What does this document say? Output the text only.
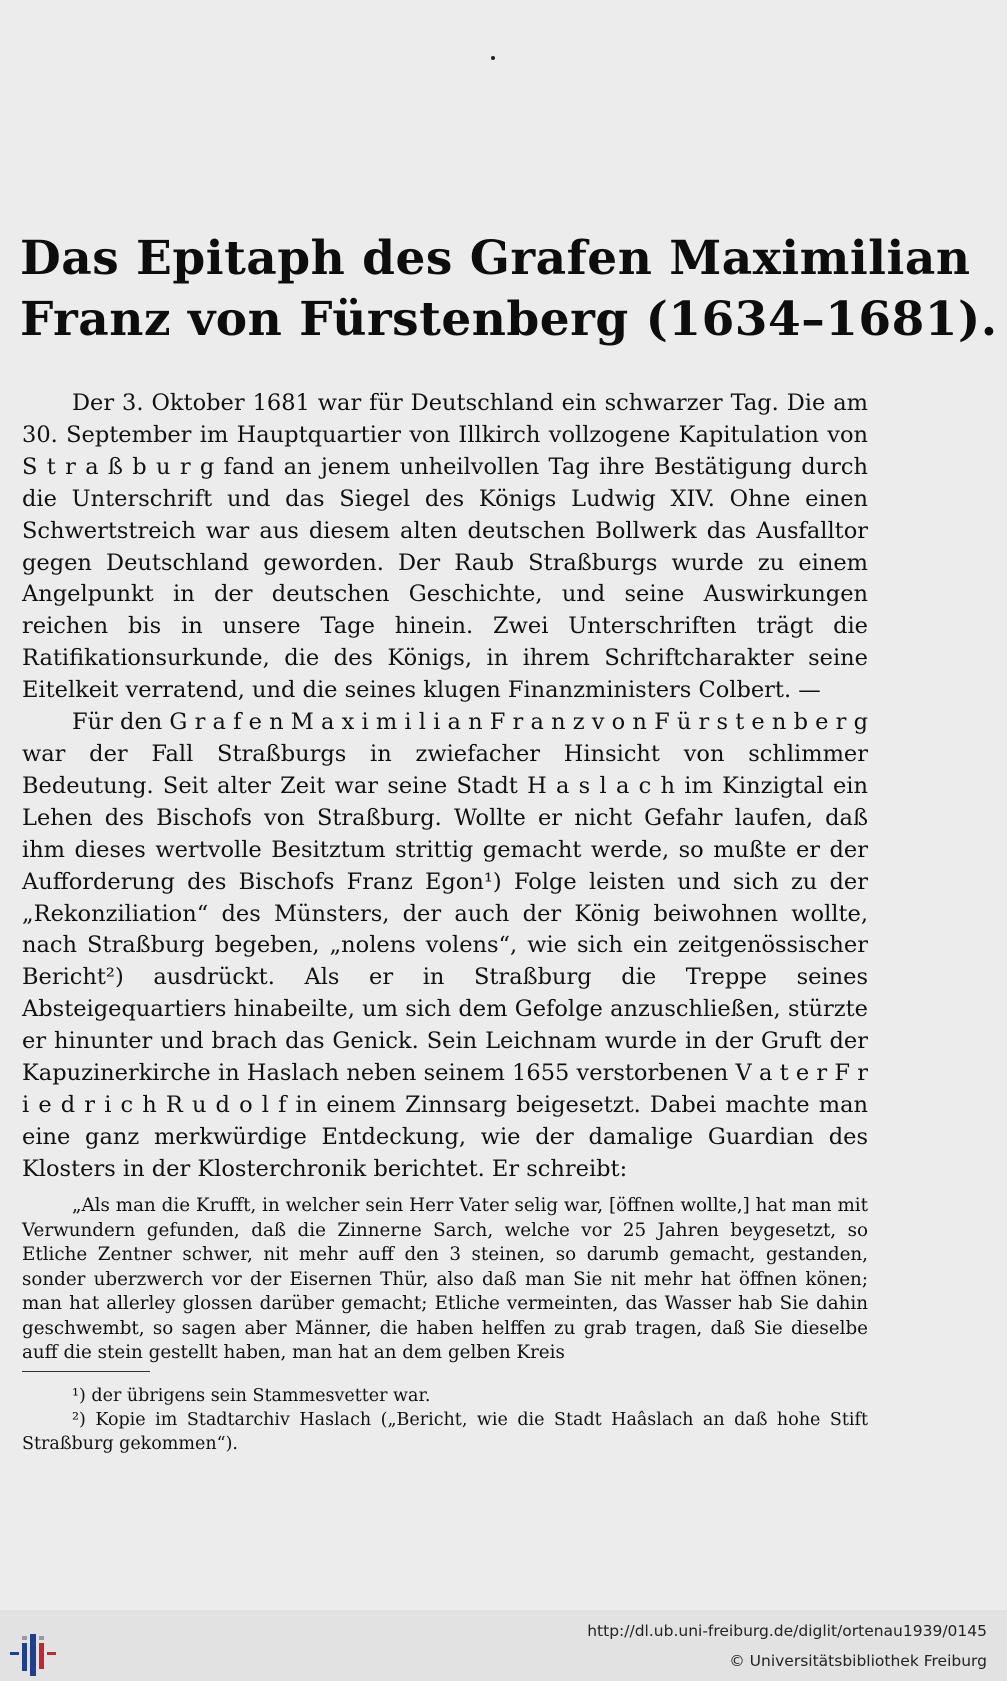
Das Epitaph des Grafen Maximilian
Franz von Fürstenberg (1634–1681).

Der 3. Oktober 1681 war für Deutschland ein schwarzer Tag. Die am 30. September im Hauptquartier von Illkirch vollzogene Kapitulation von S t r a ß b u r g fand an jenem unheilvollen Tag ihre Bestätigung durch die Unterschrift und das Siegel des Königs Ludwig XIV. Ohne einen Schwertstreich war aus diesem alten deutschen Bollwerk das Ausfalltor gegen Deutschland geworden. Der Raub Straßburgs wurde zu einem Angelpunkt in der deutschen Geschichte, und seine Auswirkungen reichen bis in unsere Tage hinein. Zwei Unterschriften trägt die Ratifikationsurkunde, die des Königs, in ihrem Schriftcharakter seine Eitelkeit verratend, und die seines klugen Finanzministers Colbert. —

Für den G r a f e n M a x i m i l i a n F r a n z v o n F ü r s t e n b e r g war der Fall Straßburgs in zwiefacher Hinsicht von schlimmer Bedeutung. Seit alter Zeit war seine Stadt H a s l a c h im Kinzigtal ein Lehen des Bischofs von Straßburg. Wollte er nicht Gefahr laufen, daß ihm dieses wertvolle Besitztum strittig gemacht werde, so mußte er der Aufforderung des Bischofs Franz Egon¹) Folge leisten und sich zu der „Rekonziliation“ des Münsters, der auch der König beiwohnen wollte, nach Straßburg begeben, „nolens volens“, wie sich ein zeitgenössischer Bericht²) ausdrückt. Als er in Straßburg die Treppe seines Absteigequartiers hinabeilte, um sich dem Gefolge anzuschließen, stürzte er hinunter und brach das Genick. Sein Leichnam wurde in der Gruft der Kapuzinerkirche in Haslach neben seinem 1655 verstorbenen V a t e r F r i e d r i c h R u d o l f in einem Zinnsarg beigesetzt. Dabei machte man eine ganz merkwürdige Entdeckung, wie der damalige Guardian des Klosters in der Klosterchronik berichtet. Er schreibt:

„Als man die Krufft, in welcher sein Herr Vater selig war, [öffnen wollte,] hat man mit Verwundern gefunden, daß die Zinnerne Sarch, welche vor 25 Jahren beygesetzt, so Etliche Zentner schwer, nit mehr auff den 3 steinen, so darumb gemacht, gestanden, sonder uberzwerch vor der Eisernen Thür, also daß man Sie nit mehr hat öffnen könen; man hat allerley glossen darüber gemacht; Etliche vermeinten, das Wasser hab Sie dahin geschwembt, so sagen aber Männer, die haben helffen zu grab tragen, daß Sie dieselbe auff die stein gestellt haben, man hat an dem gelben Kreis

¹) der übrigens sein Stammesvetter war.

²) Kopie im Stadtarchiv Haslach („Bericht, wie die Stadt Haâslach an daß hohe Stift Straßburg gekommen“).

http://dl.ub.uni-freiburg.de/diglit/ortenau1939/0145
© Universitätsbibliothek Freiburg
